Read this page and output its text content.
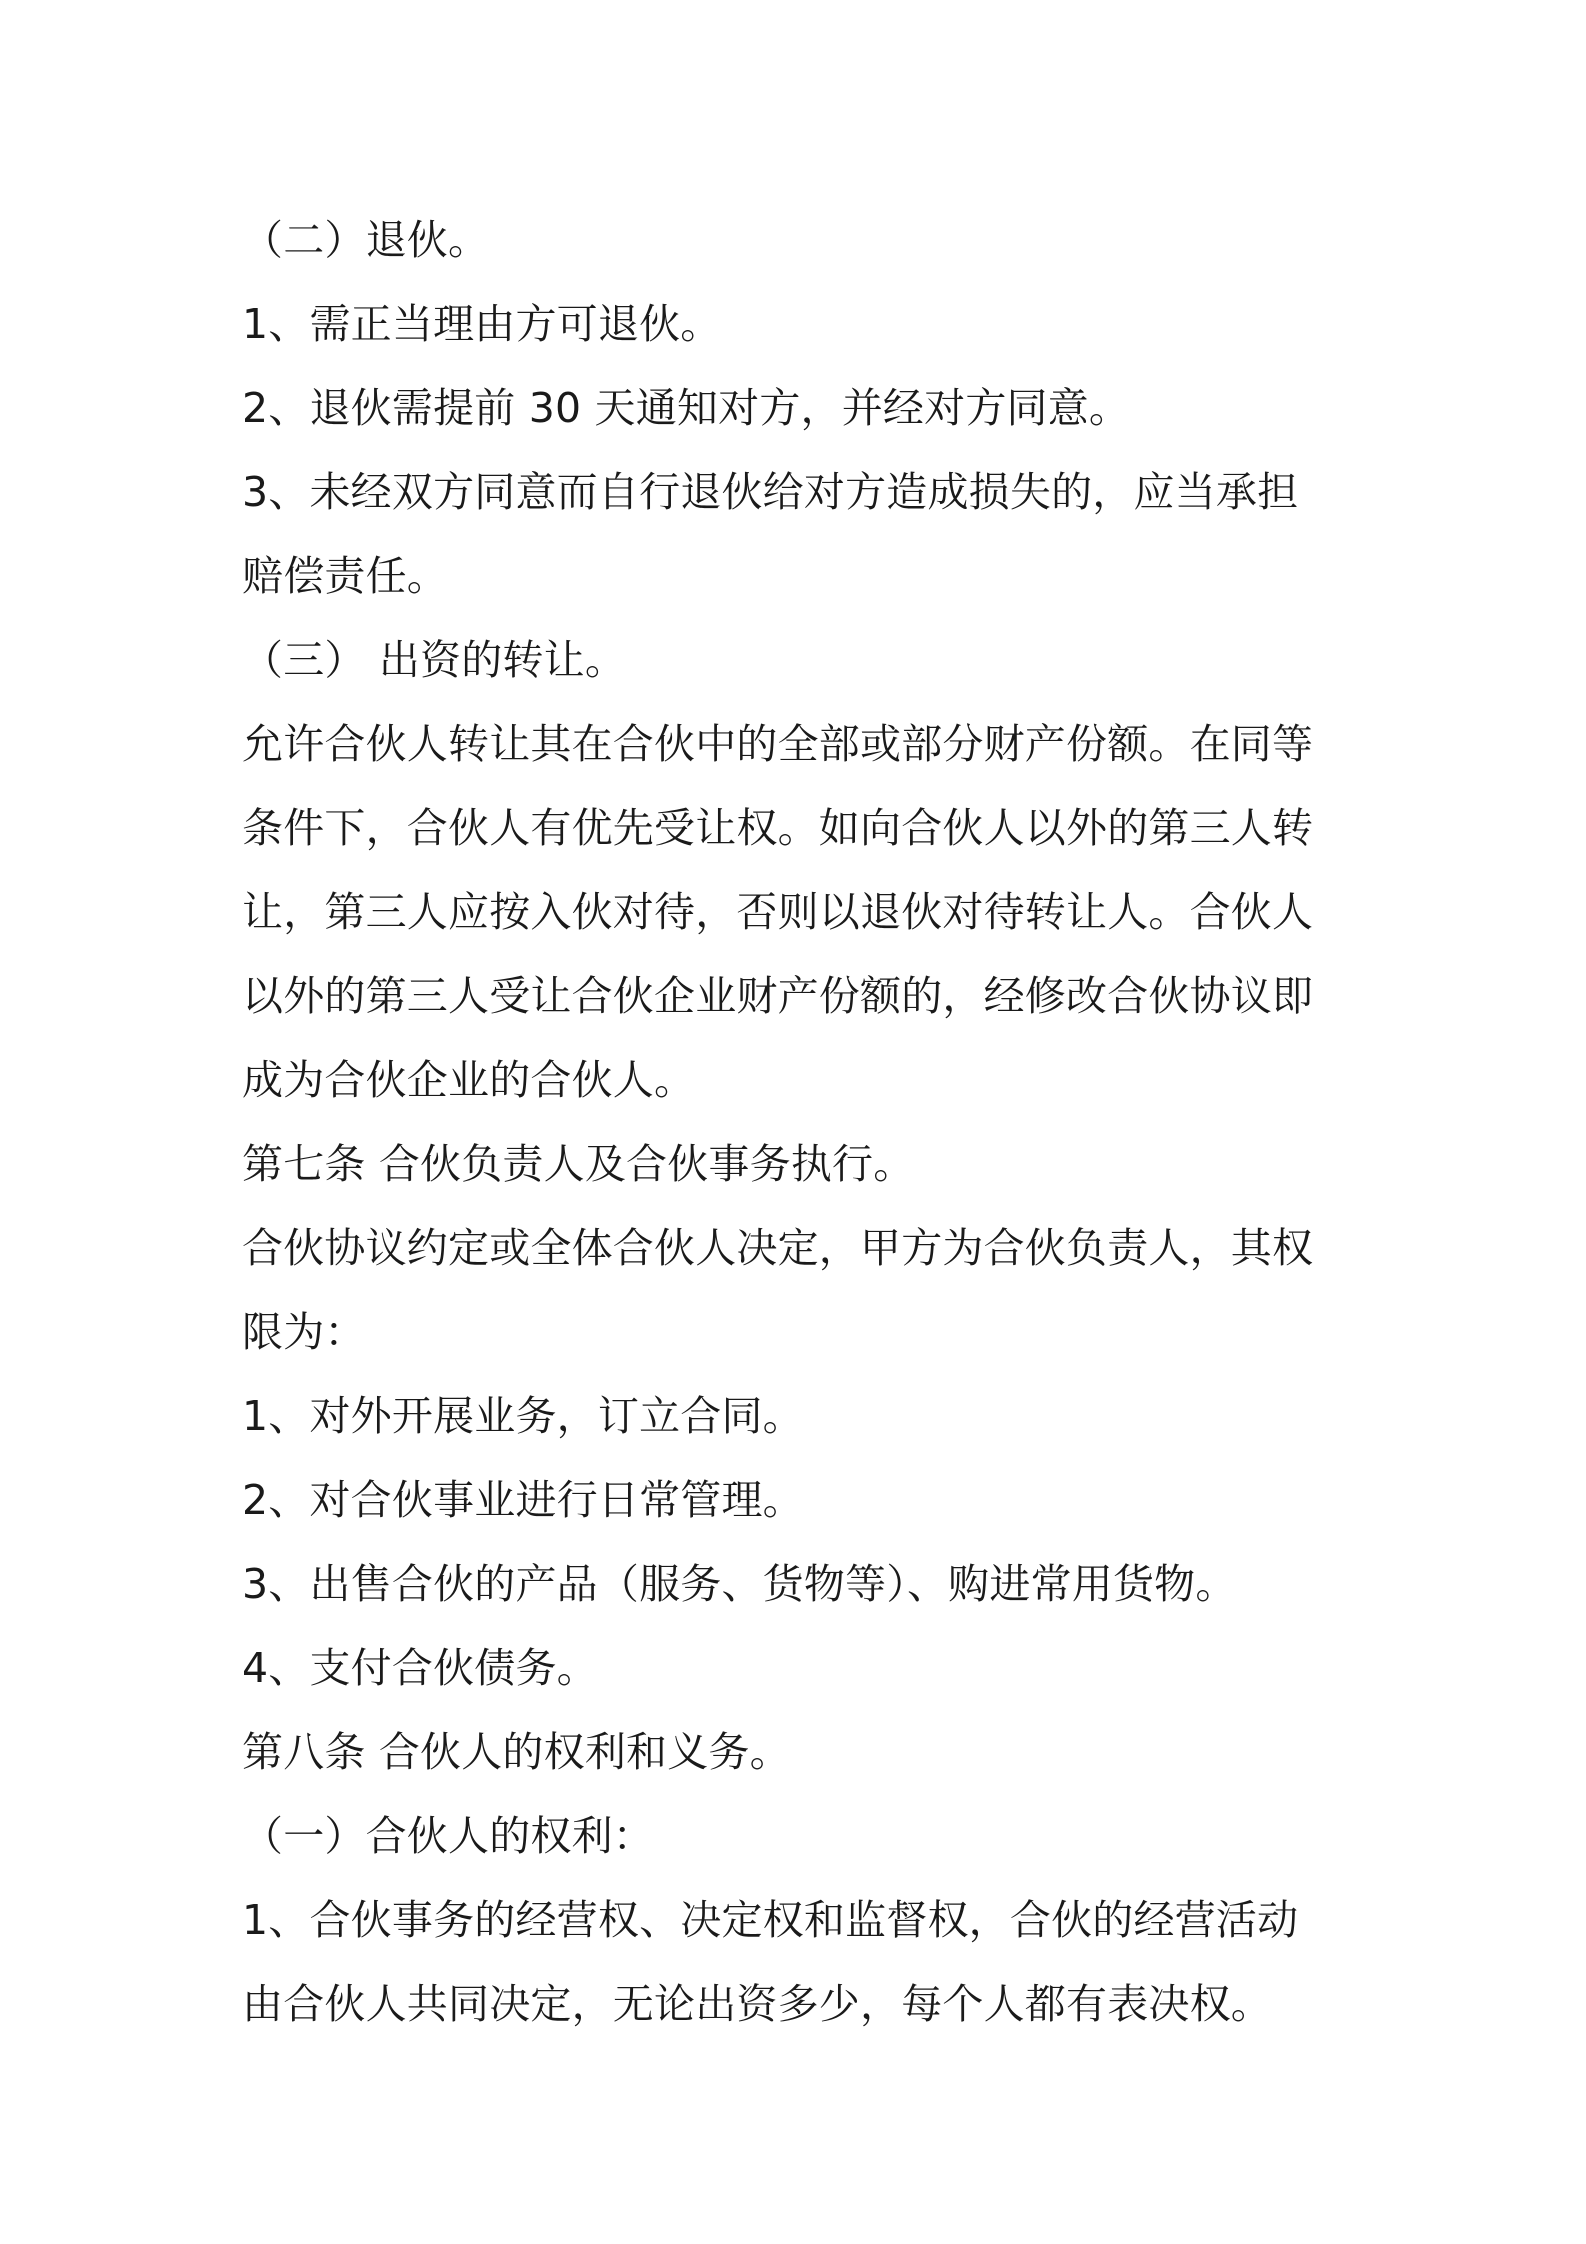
（二）退伙。
1、需正当理由方可退伙。
2、退伙需提前 30 天通知对方，并经对方同意。
3、未经双方同意而自行退伙给对方造成损失的，应当承担
赔偿责任。
（三） 出资的转让。
允许合伙人转让其在合伙中的全部或部分财产份额。在同等
条件下，合伙人有优先受让权。如向合伙人以外的第三人转
让，第三人应按入伙对待，否则以退伙对待转让人。合伙人
以外的第三人受让合伙企业财产份额的，经修改合伙协议即
成为合伙企业的合伙人。
第七条 合伙负责人及合伙事务执行。
合伙协议约定或全体合伙人决定，甲方为合伙负责人，其权
限为：
1、对外开展业务，订立合同。
2、对合伙事业进行日常管理。
3、出售合伙的产品（服务、货物等）、购进常用货物。
4、支付合伙债务。
第八条 合伙人的权利和义务。
（一）合伙人的权利：
1、合伙事务的经营权、决定权和监督权，合伙的经营活动
由合伙人共同决定，无论出资多少，每个人都有表决权。
